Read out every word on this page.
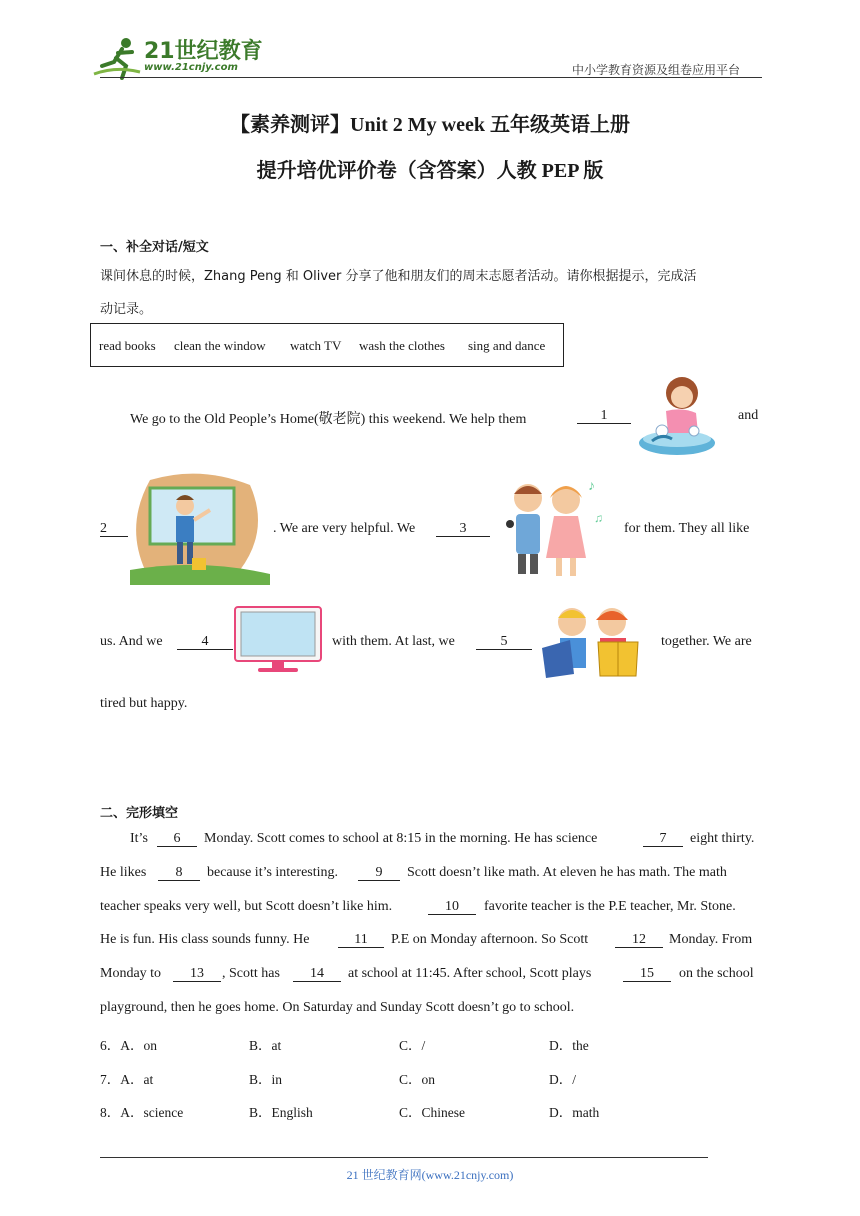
21世纪教育
www.21cnjy.com	中小学教育资源及组卷应用平台
【素养测评】Unit 2 My week 五年级英语上册
提升培优评价卷（含答案）人教 PEP 版
一、补全对话/短文
课间休息的时候，Zhang Peng 和 Oliver 分享了他和朋友们的周末志愿者活动。请你根据提示，完成活
动记录。
read books clean the window watch TV wash the clothes sing and dance
We go to the Old People’s Home(敬老院) this weekend. We help them	1	and
2	. We are very helpful. We	3
♪
♫
for them. They all like
us. And we	4	with them. At last, we	5	together. We are
tired but happy.
二、完形填空
It’s	6	Monday. Scott comes to school at 8:15 in the morning. He has science	7	eight thirty.
He likes	8	because it’s interesting.	9	Scott doesn’t like math. At eleven he has math. The math
teacher speaks very well, but Scott doesn’t like him.	10	favorite teacher is the P.E teacher, Mr. Stone.
He is fun. His class sounds funny. He	11	P.E on Monday afternoon. So Scott	12	Monday. From
Monday to	13	, Scott has	14	at school at 11:45. After school, Scott plays	15	on the school
playground, then he goes home. On Saturday and Sunday Scott doesn’t go to school.
6．A．on	B．at	C．/	D．the
7．A．at	B．in	C．on	D．/
8．A．science	B．English	C．Chinese	D．math
21 世纪教育网(www.21cnjy.com)
